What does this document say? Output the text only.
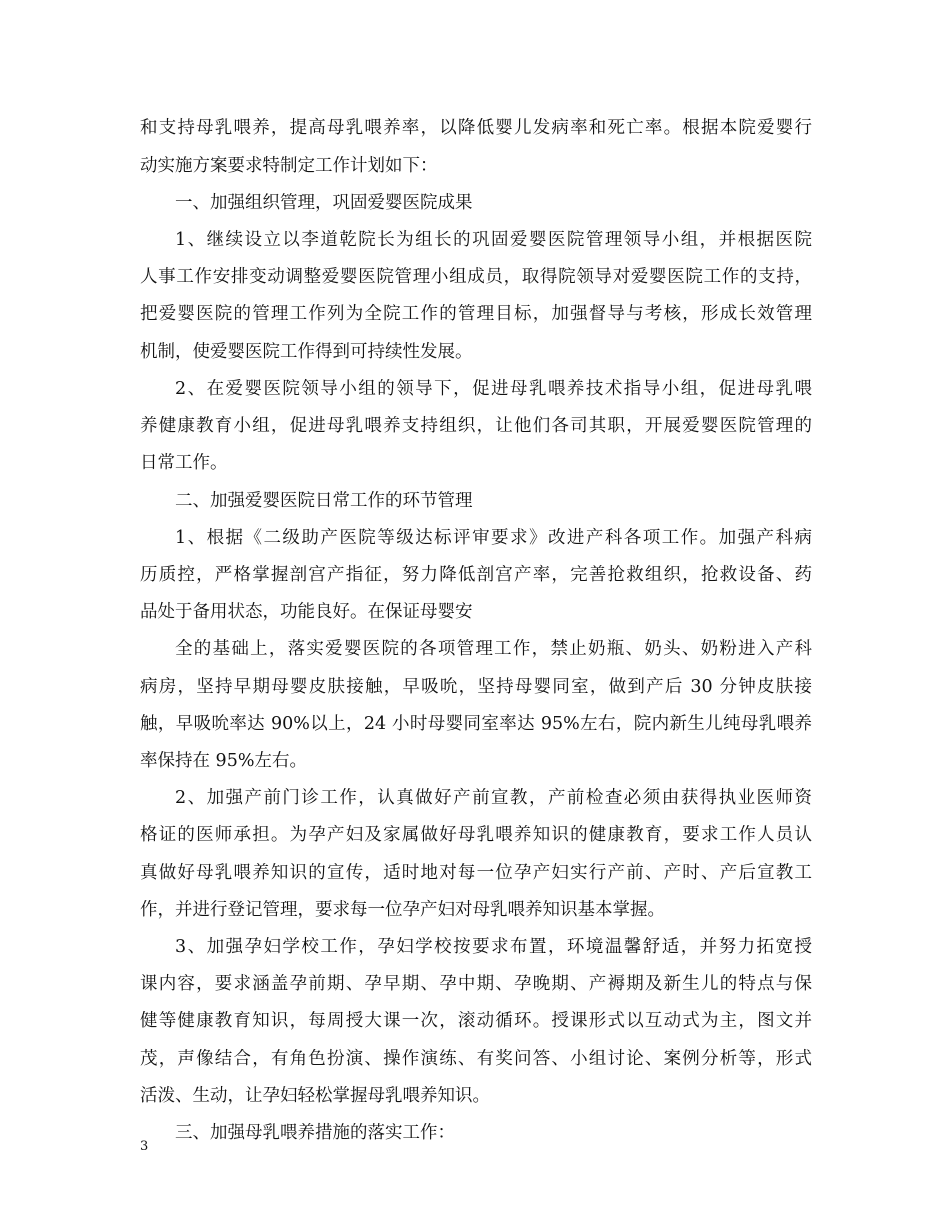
和支持母乳喂养，提高母乳喂养率，以降低婴儿发病率和死亡率。根据本院爱婴行
动实施方案要求特制定工作计划如下：
一、加强组织管理，巩固爱婴医院成果
1、继续设立以李道乾院长为组长的巩固爱婴医院管理领导小组，并根据医院
人事工作安排变动调整爱婴医院管理小组成员，取得院领导对爱婴医院工作的支持，
把爱婴医院的管理工作列为全院工作的管理目标，加强督导与考核，形成长效管理
机制，使爱婴医院工作得到可持续性发展。
2、在爱婴医院领导小组的领导下，促进母乳喂养技术指导小组，促进母乳喂
养健康教育小组，促进母乳喂养支持组织，让他们各司其职，开展爱婴医院管理的
日常工作。
二、加强爱婴医院日常工作的环节管理
1、根据《二级助产医院等级达标评审要求》改进产科各项工作。加强产科病
历质控，严格掌握剖宫产指征，努力降低剖宫产率，完善抢救组织，抢救设备、药
品处于备用状态，功能良好。在保证母婴安
全的基础上，落实爱婴医院的各项管理工作，禁止奶瓶、奶头、奶粉进入产科
病房，坚持早期母婴皮肤接触，早吸吮，坚持母婴同室，做到产后 30 分钟皮肤接
触，早吸吮率达 90%以上，24 小时母婴同室率达 95%左右，院内新生儿纯母乳喂养
率保持在 95%左右。
2、加强产前门诊工作，认真做好产前宣教，产前检查必须由获得执业医师资
格证的医师承担。为孕产妇及家属做好母乳喂养知识的健康教育，要求工作人员认
真做好母乳喂养知识的宣传，适时地对每一位孕产妇实行产前、产时、产后宣教工
作，并进行登记管理，要求每一位孕产妇对母乳喂养知识基本掌握。
3、加强孕妇学校工作，孕妇学校按要求布置，环境温馨舒适，并努力拓宽授
课内容，要求涵盖孕前期、孕早期、孕中期、孕晚期、产褥期及新生儿的特点与保
健等健康教育知识，每周授大课一次，滚动循环。授课形式以互动式为主，图文并
茂，声像结合，有角色扮演、操作演练、有奖问答、小组讨论、案例分析等，形式
活泼、生动，让孕妇轻松掌握母乳喂养知识。
三、加强母乳喂养措施的落实工作：
3
